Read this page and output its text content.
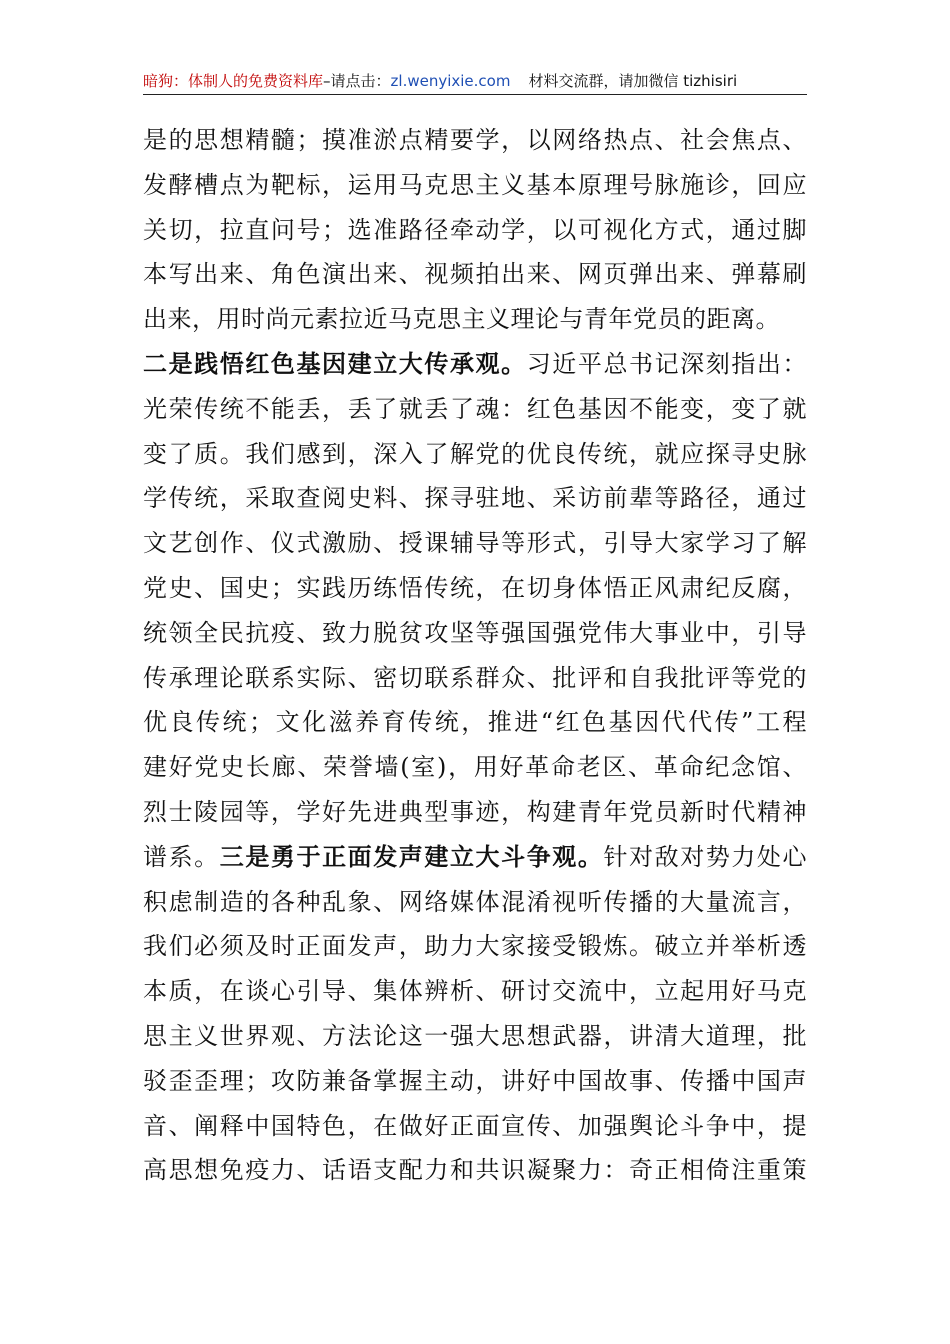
暗狗：体制人的免费资料库–请点击：zl.wenyixie.com 材料交流群，请加微信 tizhisiri
是的思想精髓；摸准淤点精要学，以网络热点、社会焦点、
发酵槽点为靶标，运用马克思主义基本原理号脉施诊，回应
关切，拉直问号；选准路径牵动学，以可视化方式，通过脚
本写出来、角色演出来、视频拍出来、网页弹出来、弹幕刷
出来，用时尚元素拉近马克思主义理论与青年党员的距离。
二是践悟红色基因建立大传承观。习近平总书记深刻指出：
光荣传统不能丢，丢了就丢了魂：红色基因不能变，变了就
变了质。我们感到，深入了解党的优良传统，就应探寻史脉
学传统，采取查阅史料、探寻驻地、采访前辈等路径，通过
文艺创作、仪式激励、授课辅导等形式，引导大家学习了解
党史、国史；实践历练悟传统，在切身体悟正风肃纪反腐，
统领全民抗疫、致力脱贫攻坚等强国强党伟大事业中，引导
传承理论联系实际、密切联系群众、批评和自我批评等党的
优良传统；文化滋养育传统，推进“红色基因代代传”工程
建好党史长廊、荣誉墙(室)，用好革命老区、革命纪念馆、
烈士陵园等，学好先进典型事迹，构建青年党员新时代精神
谱系。三是勇于正面发声建立大斗争观。针对敌对势力处心
积虑制造的各种乱象、网络媒体混淆视听传播的大量流言，
我们必须及时正面发声，助力大家接受锻炼。破立并举析透
本质，在谈心引导、集体辨析、研讨交流中，立起用好马克
思主义世界观、方法论这一强大思想武器，讲清大道理，批
驳歪歪理；攻防兼备掌握主动，讲好中国故事、传播中国声
音、阐释中国特色，在做好正面宣传、加强舆论斗争中，提
高思想免疫力、话语支配力和共识凝聚力：奇正相倚注重策
